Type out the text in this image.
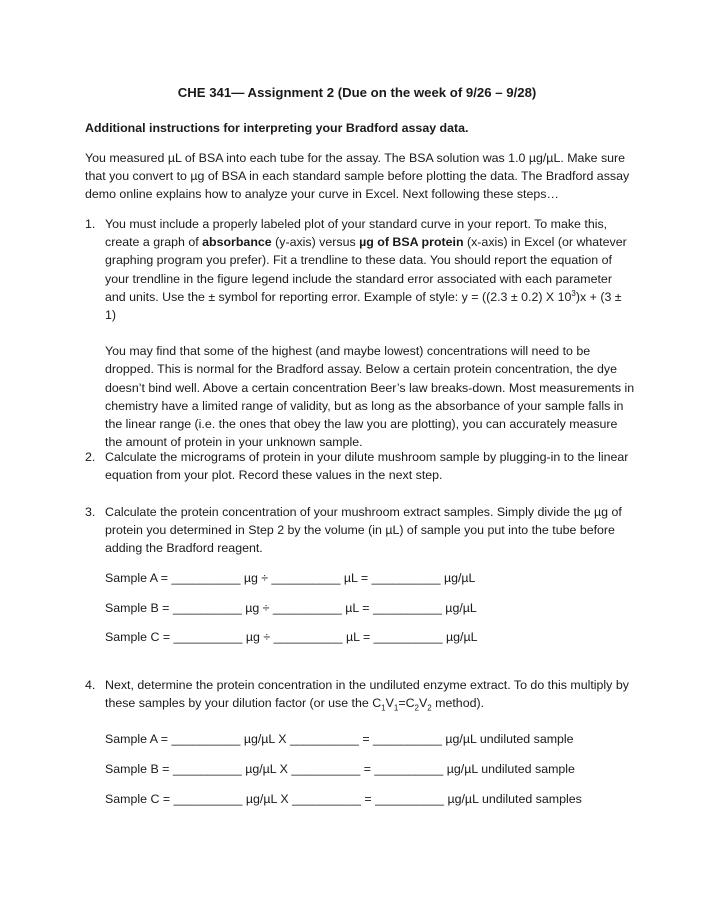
CHE 341— Assignment 2 (Due on the week of 9/26 – 9/28)
Additional instructions for interpreting your Bradford assay data.
You measured µL of BSA into each tube for the assay. The BSA solution was 1.0 µg/µL. Make sure that you convert to µg of BSA in each standard sample before plotting the data. The Bradford assay demo online explains how to analyze your curve in Excel. Next following these steps…
1. You must include a properly labeled plot of your standard curve in your report. To make this, create a graph of absorbance (y-axis) versus µg of BSA protein (x-axis) in Excel (or whatever graphing program you prefer). Fit a trendline to these data. You should report the equation of your trendline in the figure legend include the standard error associated with each parameter and units. Use the ± symbol for reporting error. Example of style: y = ((2.3 ± 0.2) X $10^3)x + (3 \pm 1)$

You may find that some of the highest (and maybe lowest) concentrations will need to be dropped. This is normal for the Bradford assay. Below a certain protein concentration, the dye doesn’t bind well. Above a certain concentration Beer’s law breaks-down. Most measurements in chemistry have a limited range of validity, but as long as the absorbance of your sample falls in the linear range (i.e. the ones that obey the law you are plotting), you can accurately measure the amount of protein in your unknown sample.

2. Calculate the micrograms of protein in your dilute mushroom sample by plugging-in to the linear equation from your plot. Record these values in the next step.

3. Calculate the protein concentration of your mushroom extract samples. Simply divide the µg of protein you determined in Step 2 by the volume (in µL) of sample you put into the tube before adding the Bradford reagent.

Sample A = __________ µg ÷ __________ µL = __________ µg/µL
Sample B = __________ µg ÷ __________ µL = __________ µg/µL
Sample C = __________ µg ÷ __________ µL = __________ µg/µL
4. Next, determine the protein concentration in the undiluted enzyme extract. To do this multiply by these samples by your dilution factor (or use the $C_1V_1=C_2V_2$ method).

Sample A = __________ µg/µL X __________ = __________ µg/µL undiluted sample
Sample B = __________ µg/µL X __________ = __________ µg/µL undiluted sample
Sample C = __________ µg/µL X __________ = __________ µg/µL undiluted samples
